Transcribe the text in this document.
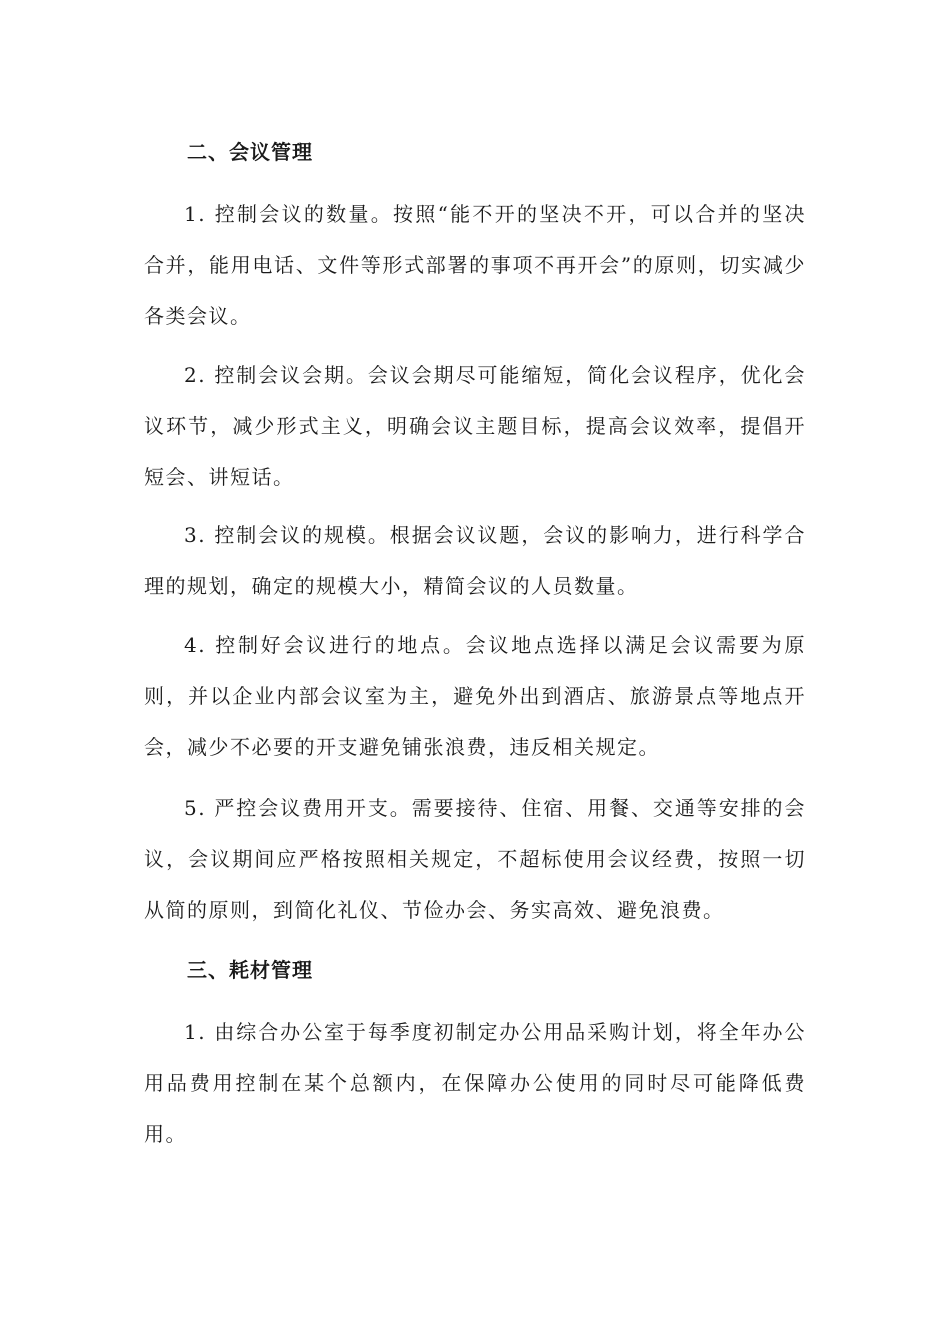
二、会议管理
1. 控制会议的数量。按照“能不开的坚决不开，可以合并的坚决合并，能用电话、文件等形式部署的事项不再开会”的原则，切实减少各类会议。
2. 控制会议会期。会议会期尽可能缩短，简化会议程序，优化会议环节，减少形式主义，明确会议主题目标，提高会议效率，提倡开短会、讲短话。
3. 控制会议的规模。根据会议议题，会议的影响力，进行科学合理的规划，确定的规模大小，精简会议的人员数量。
4. 控制好会议进行的地点。会议地点选择以满足会议需要为原则，并以企业内部会议室为主，避免外出到酒店、旅游景点等地点开会，减少不必要的开支避免铺张浪费，违反相关规定。
5. 严控会议费用开支。需要接待、住宿、用餐、交通等安排的会议，会议期间应严格按照相关规定，不超标使用会议经费，按照一切从简的原则，到简化礼仪、节俭办会、务实高效、避免浪费。
三、耗材管理
1. 由综合办公室于每季度初制定办公用品采购计划，将全年办公用品费用控制在某个总额内，在保障办公使用的同时尽可能降低费用。
